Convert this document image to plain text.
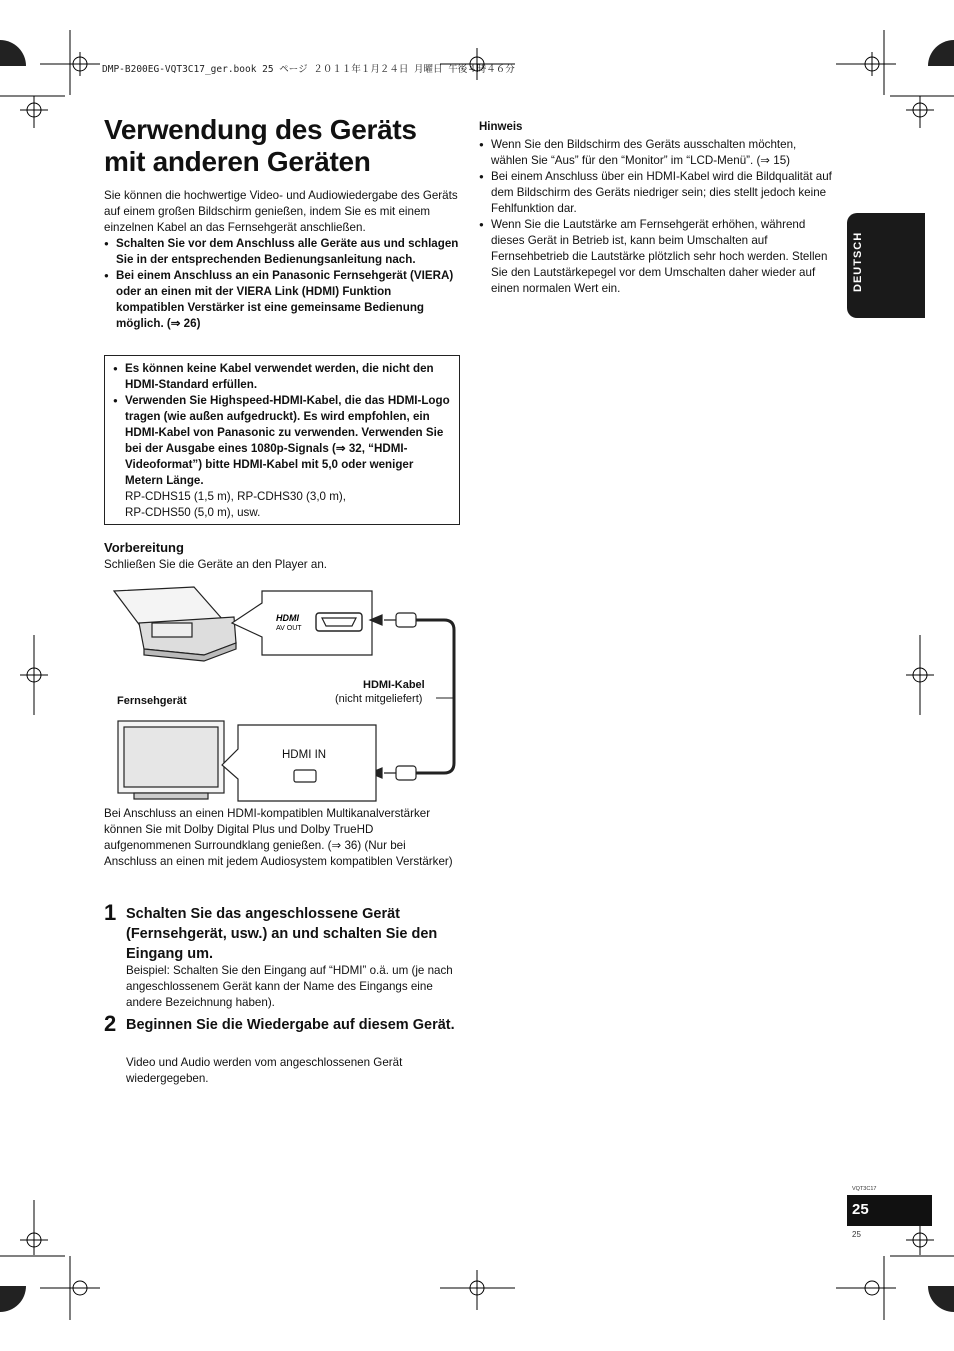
DMP-B200EG-VQT3C17_ger.book 25 ページ ２０１１年１月２４日 月曜日 午後４時４６分
Verwendung des Geräts
mit anderen Geräten
Sie können die hochwertige Video- und Audiowiedergabe des Geräts auf einem großen Bildschirm genießen, indem Sie es mit einem einzelnen Kabel an das Fernsehgerät anschließen.
● Schalten Sie vor dem Anschluss alle Geräte aus und schlagen Sie in der entsprechenden Bedienungsanleitung nach.
● Bei einem Anschluss an ein Panasonic Fernsehgerät (VIERA) oder an einen mit der VIERA Link (HDMI) Funktion kompatiblen Verstärker ist eine gemeinsame Bedienung möglich. (⇒ 26)
● Es können keine Kabel verwendet werden, die nicht den HDMI-Standard erfüllen.
● Verwenden Sie Highspeed-HDMI-Kabel, die das HDMI-Logo tragen (wie außen aufgedruckt). Es wird empfohlen, ein HDMI-Kabel von Panasonic zu verwenden. Verwenden Sie bei der Ausgabe eines 1080p-Signals (⇒ 32, “HDMI-Videoformat”) bitte HDMI-Kabel mit 5,0 oder weniger Metern Länge.
RP-CDHS15 (1,5 m), RP-CDHS30 (3,0 m),
RP-CDHS50 (5,0 m), usw.
Vorbereitung
Schließen Sie die Geräte an den Player an.
HDMI
AV OUT
Fernsehgerät
HDMI-Kabel
(nicht mitgeliefert)
HDMI IN
Bei Anschluss an einen HDMI-kompatiblen Multikanalverstärker können Sie mit Dolby Digital Plus und Dolby TrueHD aufgenommenen Surroundklang genießen. (⇒ 36) (Nur bei Anschluss an einen mit jedem Audiosystem kompatiblen Verstärker)
1 Schalten Sie das angeschlossene Gerät (Fernsehgerät, usw.) an und schalten Sie den Eingang um.
Beispiel: Schalten Sie den Eingang auf “HDMI” o.ä. um (je nach angeschlossenem Gerät kann der Name des Eingangs eine andere Bezeichnung haben).
2 Beginnen Sie die Wiedergabe auf diesem Gerät.
Video und Audio werden vom angeschlossenen Gerät wiedergegeben.
Hinweis
● Wenn Sie den Bildschirm des Geräts ausschalten möchten, wählen Sie “Aus” für den “Monitor” im “LCD-Menü”. (⇒ 15)
● Bei einem Anschluss über ein HDMI-Kabel wird die Bildqualität auf dem Bildschirm des Geräts niedriger sein; dies stellt jedoch keine Fehlfunktion dar.
● Wenn Sie die Lautstärke am Fernsehgerät erhöhen, während dieses Gerät in Betrieb ist, kann beim Umschalten auf Fernsehbetrieb die Lautstärke plötzlich sehr hoch werden. Stellen Sie den Lautstärkepegel vor dem Umschalten daher wieder auf einen normalen Wert ein.	DEUTSCH
VQT3C17
25
25
